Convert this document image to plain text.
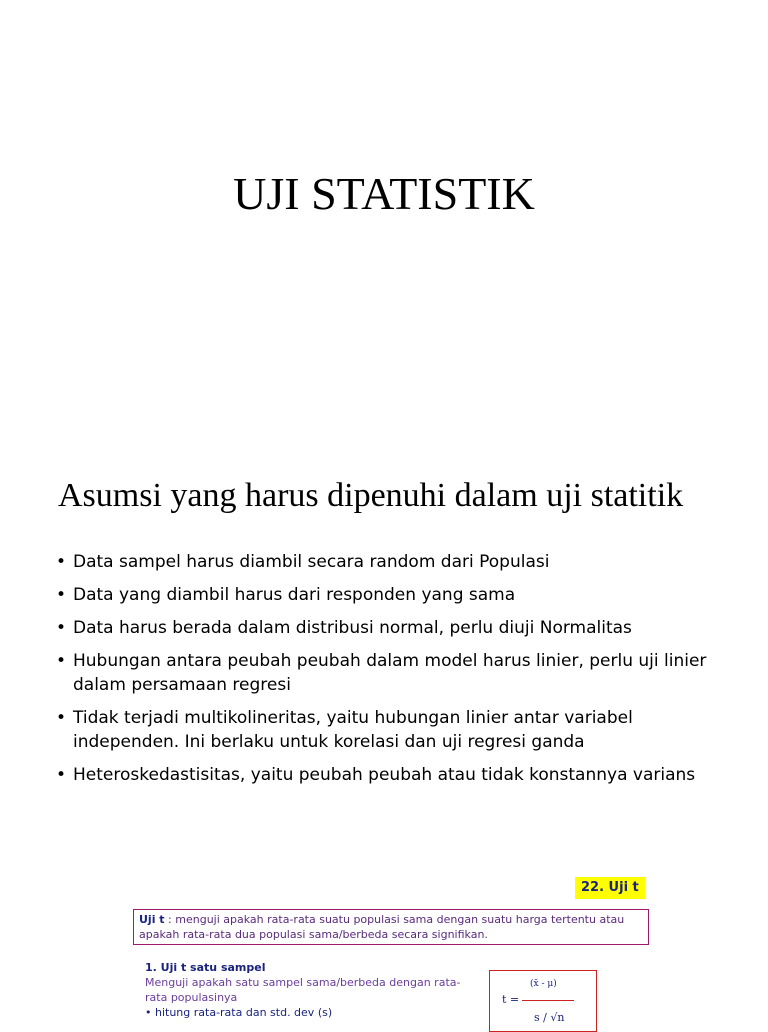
UJI STATISTIK
Asumsi yang harus dipenuhi dalam uji statitik
• Data sampel harus diambil secara random dari Populasi
• Data yang diambil harus dari responden yang sama
• Data harus berada dalam distribusi normal, perlu diuji Normalitas
• Hubungan antara peubah peubah dalam model harus linier, perlu uji linier dalam persamaan regresi
• Tidak terjadi multikolineritas, yaitu hubungan linier antar variabel independen. Ini berlaku untuk korelasi dan uji regresi ganda
• Heteroskedastisitas, yaitu peubah peubah atau tidak konstannya varians
22. Uji t
Uji t : menguji apakah rata-rata suatu populasi sama dengan suatu harga tertentu atau apakah rata-rata dua populasi sama/berbeda secara signifikan.
1. Uji t satu sampel
Menguji apakah satu sampel sama/berbeda dengan rata-rata populasinya
• hitung rata-rata dan std. dev (s)
t =
(x̄ - μ)
s / √n
